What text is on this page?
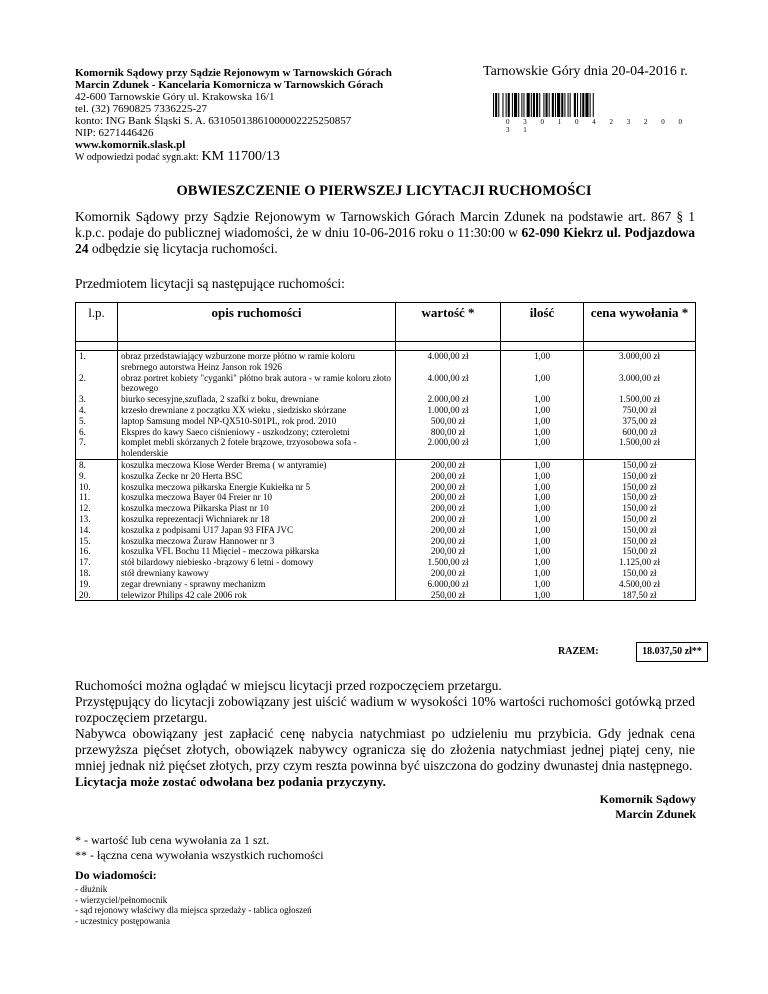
Komornik Sądowy przy Sądzie Rejonowym w Tarnowskich Górach
Marcin Zdunek - Kancelaria Komornicza w Tarnowskich Górach
42-600 Tarnowskie Góry ul. Krakowska 16/1
tel. (32) 7690825 7336225-27
konto: ING Bank Śląski S. A. 63105013861000002225250857
NIP: 6271446426
www.komornik.slask.pl
W odpowiedzi podać sygn.akt: KM 11700/13
Tarnowskie Góry dnia 20-04-2016 r.
0 3 0 1 0 4 2 3 2 0 0 3 1
OBWIESZCZENIE O PIERWSZEJ LICYTACJI RUCHOMOŚCI
Komornik Sądowy przy Sądzie Rejonowym w Tarnowskich Górach Marcin Zdunek na podstawie art. 867 § 1 k.p.c. podaje do publicznej wiadomości, że w dniu 10-06-2016 roku o 11:30:00 w 62-090 Kiekrz ul. Podjazdowa 24 odbędzie się licytacja ruchomości.
Przedmiotem licytacji są następujące ruchomości:
l.p.	opis ruchomości	wartość *	ilość	cena wywołania *

1.	obraz przedstawiający wzburzone morze płótno w ramie koloru srebrnego autorstwa Heinz Janson rok 1926	4.000,00 zł	1,00	3.000,00 zł
2.	obraz portret kobiety "cyganki" płótno brak autora - w ramie koloru złoto bezowego	4.000,00 zł	1,00	3.000,00 zł
3.	biurko secesyjne,szuflada, 2 szafki z boku, drewniane	2.000,00 zł	1,00	1.500,00 zł
4.	krzesło drewniane z początku XX wieku , siedzisko skórzane	1.000,00 zł	1,00	750,00 zł
5.	laptop Samsung model NP-QX510-S01PL, rok prod. 2010	500,00 zł	1,00	375,00 zł
6.	Ekspres do kawy Saeco ciśnieniowy - uszkodzony; czteroletni	800,00 zł	1,00	600,00 zł
7.	komplet mebli skórzanych 2 fotele brązowe, trzyosobowa sofa - holenderskie	2.000,00 zł	1,00	1.500,00 zł
8.	koszulka meczowa Klose Werder Brema ( w antyramie)	200,00 zł	1,00	150,00 zł
9.	koszulka Zecke nr 20 Herta BSC	200,00 zł	1,00	150,00 zł
10.	koszulka meczowa piłkarska Energie Kukiełka nr 5	200,00 zł	1,00	150,00 zł
11.	koszulka meczowa Bayer 04 Freier nr 10	200,00 zł	1,00	150,00 zł
12.	koszulka meczowa Piłkarska Piast nr 10	200,00 zł	1,00	150,00 zł
13.	koszulka reprezentacji Wichniarek nr 18	200,00 zł	1,00	150,00 zł
14.	koszulka z podpisami U17 Japan 93 FIFA JVC	200,00 zł	1,00	150,00 zł
15.	koszulka meczowa Żuraw Hannower nr 3	200,00 zł	1,00	150,00 zł
16.	koszulka VFL Bochu 11 Mięciel - meczowa piłkarska	200,00 zł	1,00	150,00 zł
17.	stół bilardowy niebiesko -brązowy 6 letni - domowy	1.500,00 zł	1,00	1.125,00 zł
18.	stół drewniany kawowy	200,00 zł	1,00	150,00 zł
19.	zegar drewniany - sprawny mechanizm	6.000,00 zł	1,00	4.500,00 zł
20.	telewizor Philips 42 cale 2006 rok	250,00 zł	1,00	187,50 zł
RAZEM:	18.037,50 zł**

Ruchomości można oglądać w miejscu licytacji przed rozpoczęciem przetargu.

Przystępujący do licytacji zobowiązany jest uiścić wadium w wysokości 10% wartości ruchomości gotówką przed rozpoczęciem przetargu.

Nabywca obowiązany jest zapłacić cenę nabycia natychmiast po udzieleniu mu przybicia. Gdy jednak cena przewyższa pięćset złotych, obowiązek nabywcy ogranicza się do złożenia natychmiast jednej piątej ceny, nie mniej jednak niż pięćset złotych, przy czym reszta powinna być uiszczona do godziny dwunastej dnia następnego.

Licytacja może zostać odwołana bez podania przyczyny.
Komornik Sądowy
Marcin Zdunek
* - wartość lub cena wywołania za 1 szt.
** - łączna cena wywołania wszystkich ruchomości
Do wiadomości:
- dłużnik
- wierzyciel/pełnomocnik
- sąd rejonowy właściwy dla miejsca sprzedaży - tablica ogłoszeń
- uczestnicy postępowania
